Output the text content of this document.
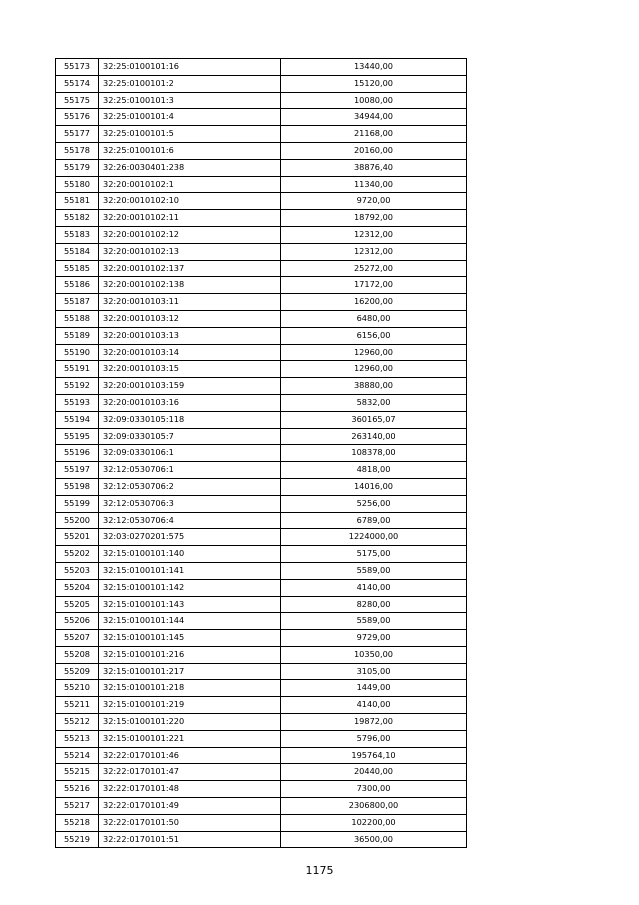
55173	32:25:0100101:16	13440,00
55174	32:25:0100101:2	15120,00
55175	32:25:0100101:3	10080,00
55176	32:25:0100101:4	34944,00
55177	32:25:0100101:5	21168,00
55178	32:25:0100101:6	20160,00
55179	32:26:0030401:238	38876,40
55180	32:20:0010102:1	11340,00
55181	32:20:0010102:10	9720,00
55182	32:20:0010102:11	18792,00
55183	32:20:0010102:12	12312,00
55184	32:20:0010102:13	12312,00
55185	32:20:0010102:137	25272,00
55186	32:20:0010102:138	17172,00
55187	32:20:0010103:11	16200,00
55188	32:20:0010103:12	6480,00
55189	32:20:0010103:13	6156,00
55190	32:20:0010103:14	12960,00
55191	32:20:0010103:15	12960,00
55192	32:20:0010103:159	38880,00
55193	32:20:0010103:16	5832,00
55194	32:09:0330105:118	360165,07
55195	32:09:0330105:7	263140,00
55196	32:09:0330106:1	108378,00
55197	32:12:0530706:1	4818,00
55198	32:12:0530706:2	14016,00
55199	32:12:0530706:3	5256,00
55200	32:12:0530706:4	6789,00
55201	32:03:0270201:575	1224000,00
55202	32:15:0100101:140	5175,00
55203	32:15:0100101:141	5589,00
55204	32:15:0100101:142	4140,00
55205	32:15:0100101:143	8280,00
55206	32:15:0100101:144	5589,00
55207	32:15:0100101:145	9729,00
55208	32:15:0100101:216	10350,00
55209	32:15:0100101:217	3105,00
55210	32:15:0100101:218	1449,00
55211	32:15:0100101:219	4140,00
55212	32:15:0100101:220	19872,00
55213	32:15:0100101:221	5796,00
55214	32:22:0170101:46	195764,10
55215	32:22:0170101:47	20440,00
55216	32:22:0170101:48	7300,00
55217	32:22:0170101:49	2306800,00
55218	32:22:0170101:50	102200,00
55219	32:22:0170101:51	36500,00
1175
